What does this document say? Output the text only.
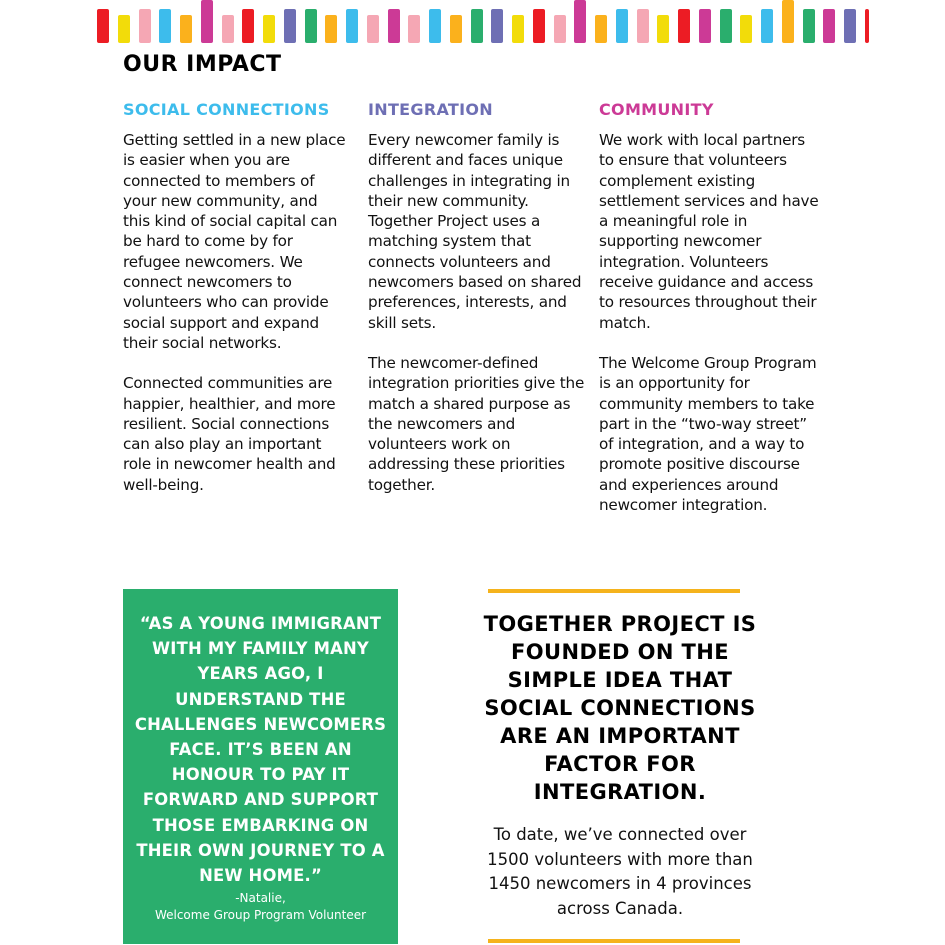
OUR IMPACT
SOCIAL CONNECTIONS

Getting settled in a new place is easier when you are connected to members of your new community, and this kind of social capital can be hard to come by for refugee newcomers. We connect newcomers to volunteers who can provide social support and expand their social networks.

Connected communities are happier, healthier, and more resilient. Social connections can also play an important role in newcomer health and well-being.

INTEGRATION

Every newcomer family is different and faces unique challenges in integrating in their new community. Together Project uses a matching system that connects volunteers and newcomers based on shared preferences, interests, and skill sets.

The newcomer-defined integration priorities give the match a shared purpose as the newcomers and volunteers work on addressing these priorities together.

COMMUNITY

We work with local partners to ensure that volunteers complement existing settlement services and have a meaningful role in supporting newcomer integration. Volunteers receive guidance and access to resources throughout their match.

The Welcome Group Program is an opportunity for community members to take part in the “two-way street” of integration, and a way to promote positive discourse and experiences around newcomer integration.

“AS A YOUNG IMMIGRANT WITH MY FAMILY MANY YEARS AGO, I UNDERSTAND THE CHALLENGES NEWCOMERS FACE. IT’S BEEN AN HONOUR TO PAY IT FORWARD AND SUPPORT THOSE EMBARKING ON THEIR OWN JOURNEY TO A NEW HOME.”

-Natalie,
Welcome Group Program Volunteer

TOGETHER PROJECT IS FOUNDED ON THE SIMPLE IDEA THAT SOCIAL CONNECTIONS ARE AN IMPORTANT FACTOR FOR INTEGRATION.

To date, we’ve connected over 1500 volunteers with more than 1450 newcomers in 4 provinces across Canada.
